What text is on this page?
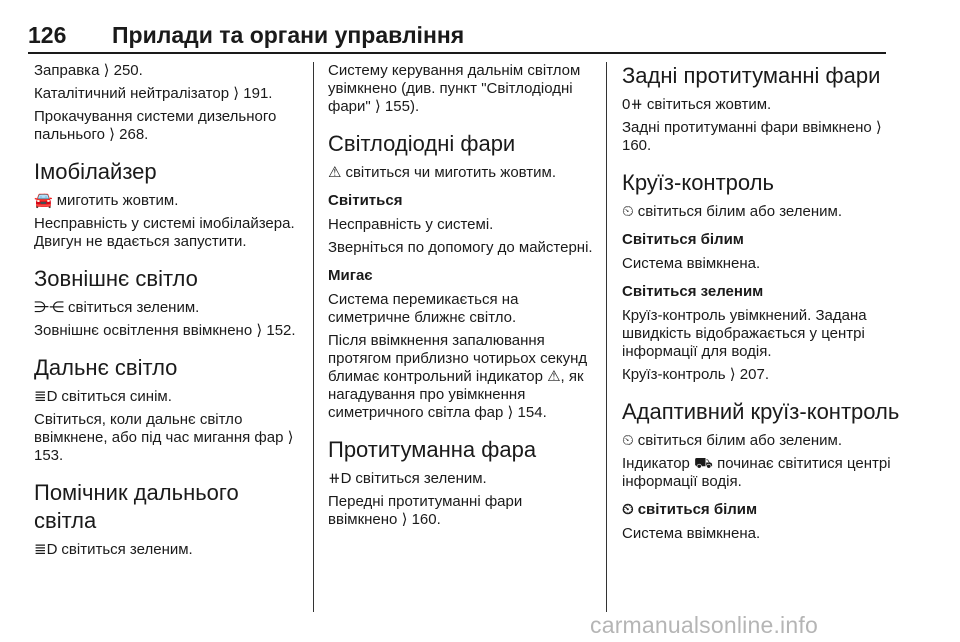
126 Прилади та органи управління

Заправка ⟩ 250.

Каталітичний нейтралізатор ⟩ 191.

Прокачування системи дизельного пальнього ⟩ 268.

Імобілайзер

🚘 миготить жовтим.

Несправність у системі імобілайзера. Двигун не вдається запустити.

Зовнішнє світло

⋺⋲ світиться зеленим.

Зовнішнє освітлення ввімкнено ⟩ 152.

Дальнє світло

≣D світиться синім.

Світиться, коли дальнє світло ввімкнене, або під час мигання фар ⟩ 153.

Помічник дальнього світла

≣D світиться зеленим.

Систему керування дальнім світлом увімкнено (див. пункт "Світлодіодні фари" ⟩ 155).

Світлодіодні фари

⚠ світиться чи миготить жовтим.

Світиться

Несправність у системі.

Зверніться по допомогу до майстерні.

Мигає

Система перемикається на симетричне ближнє світло.

Після ввімкнення запалювання протягом приблизно чотирьох секунд блимає контрольний індикатор ⚠, як нагадування про увімкнення симетричного світла фар ⟩ 154.

Протитуманна фара

⧺D світиться зеленим.

Передні протитуманні фари ввімкнено ⟩ 160.

Задні протитуманні фари

0⧺ світиться жовтим.

Задні протитуманні фари ввімкнено ⟩ 160.

Круїз-контроль

⏲ світиться білим або зеленим.

Світиться білим

Система ввімкнена.

Світиться зеленим

Круїз-контроль увімкнений. Задана швидкість відображається у центрі інформації для водія.

Круїз-контроль ⟩ 207.

Адаптивний круїз-контроль

⏲ світиться білим або зеленим.

Індикатор ⛟ починає світитися центрі інформації водія.

⏲ світиться білим

Система ввімкнена.

carmanualsonline.info
